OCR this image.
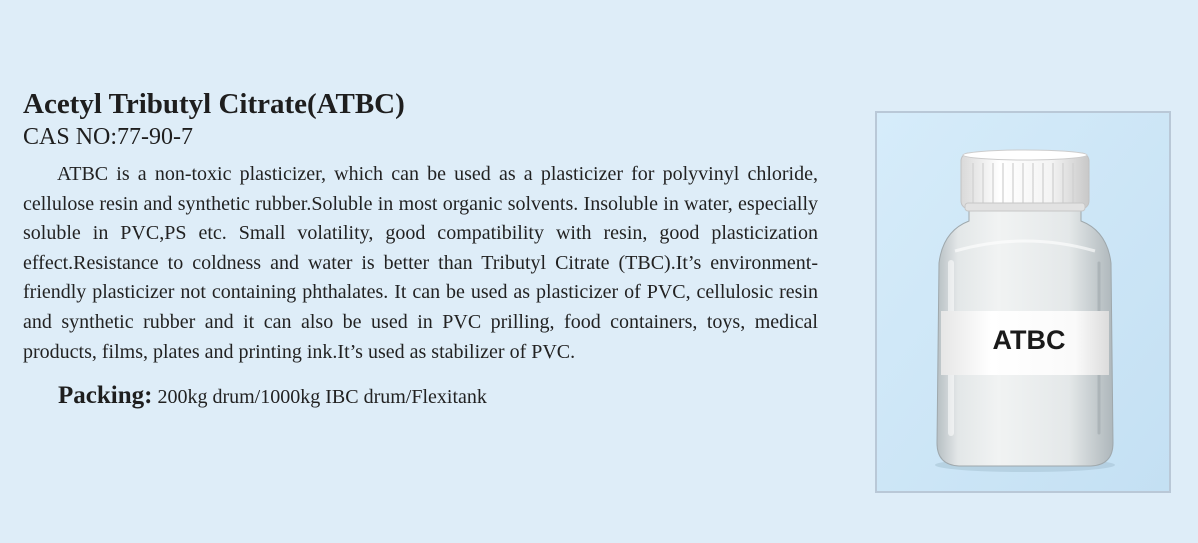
Acetyl Tributyl Citrate(ATBC)

CAS NO:77-90-7

ATBC is a non-toxic plasticizer, which can be used as a plasticizer for polyvinyl chloride, cellulose resin and synthetic rubber.Soluble in most organic solvents. Insoluble in water, especially soluble in PVC,PS etc. Small volatility, good compatibility with resin, good plasticization effect.Resistance to coldness and water is better than Tributyl Citrate (TBC).It’s environment-friendly plasticizer not containing phthalates. It can be used as plasticizer of PVC, cellulosic resin and synthetic rubber and it can also be used in PVC prilling, food containers, toys, medical products, films, plates and printing ink.It’s used as stabilizer of PVC.

Packing: 200kg drum/1000kg IBC drum/Flexitank
ATBC
